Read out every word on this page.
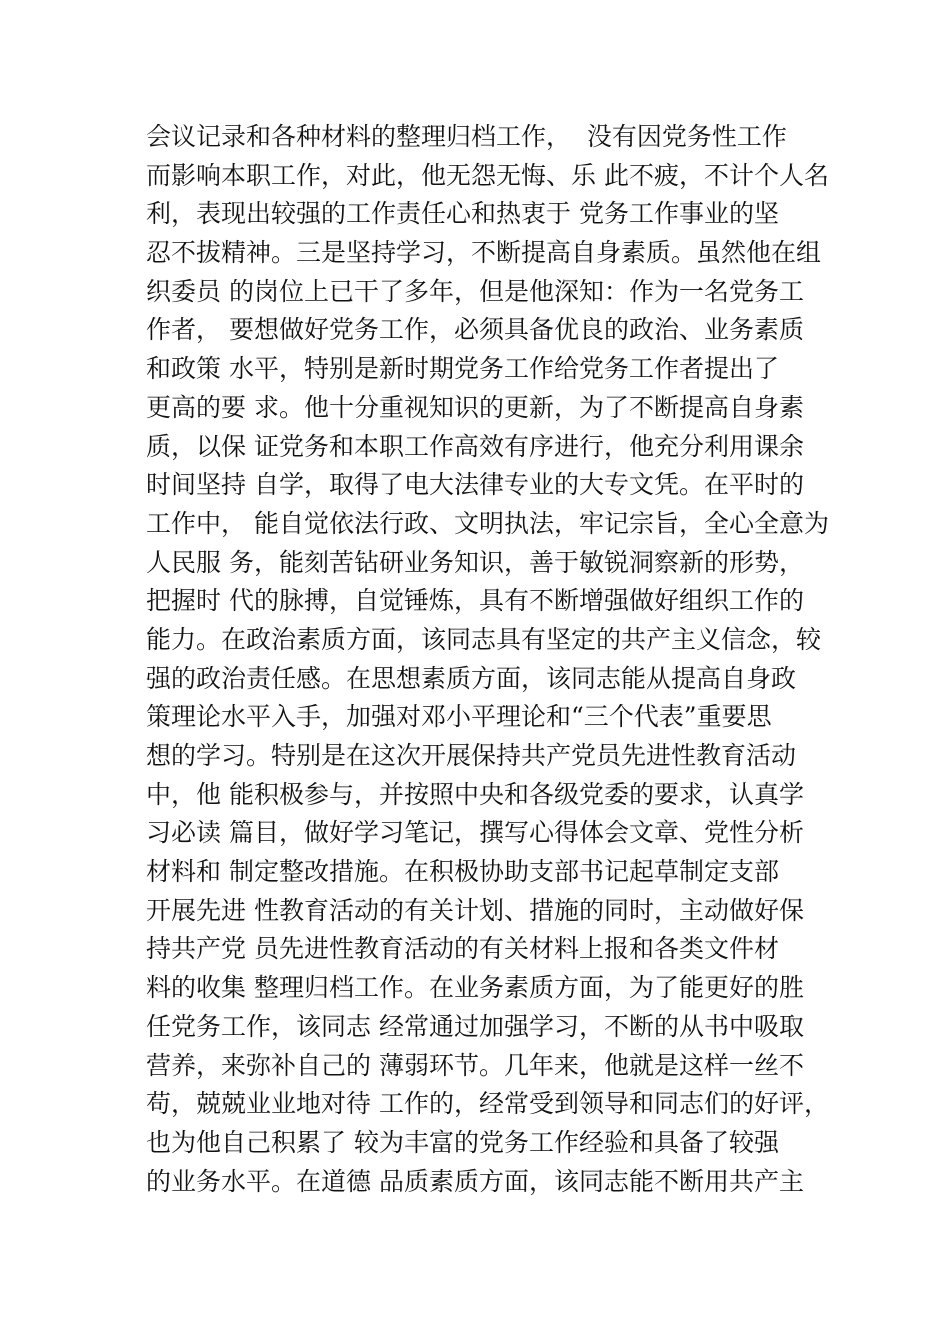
会议记录和各种材料的整理归档工作，  没有因党务性工作
而影响本职工作，对此，他无怨无悔、乐 此不疲，不计个人名
利，表现出较强的工作责任心和热衷于 党务工作事业的坚
忍不拔精神。三是坚持学习，不断提高自身素质。虽然他在组
织委员 的岗位上已干了多年，但是他深知：作为一名党务工
作者， 要想做好党务工作，必须具备优良的政治、业务素质
和政策 水平，特别是新时期党务工作给党务工作者提出了
更高的要 求。他十分重视知识的更新，为了不断提高自身素
质，以保 证党务和本职工作高效有序进行，他充分利用课余
时间坚持 自学，取得了电大法律专业的大专文凭。在平时的
工作中， 能自觉依法行政、文明执法，牢记宗旨，全心全意为
人民服 务，能刻苦钻研业务知识，善于敏锐洞察新的形势，
把握时 代的脉搏，自觉锤炼，具有不断增强做好组织工作的
能力。在政治素质方面，该同志具有坚定的共产主义信念，较
强的政治责任感。在思想素质方面，该同志能从提高自身政
策理论水平入手，加强对邓小平理论和“三个代表”重要思
想的学习。特别是在这次开展保持共产党员先进性教育活动
中，他 能积极参与，并按照中央和各级党委的要求，认真学
习必读 篇目，做好学习笔记，撰写心得体会文章、党性分析
材料和 制定整改措施。在积极协助支部书记起草制定支部
开展先进 性教育活动的有关计划、措施的同时，主动做好保
持共产党 员先进性教育活动的有关材料上报和各类文件材
料的收集 整理归档工作。在业务素质方面，为了能更好的胜
任党务工作，该同志 经常通过加强学习，不断的从书中吸取
营养，来弥补自己的 薄弱环节。几年来，他就是这样一丝不
苟，兢兢业业地对待 工作的，经常受到领导和同志们的好评，
也为他自己积累了 较为丰富的党务工作经验和具备了较强
的业务水平。在道德 品质素质方面，该同志能不断用共产主
